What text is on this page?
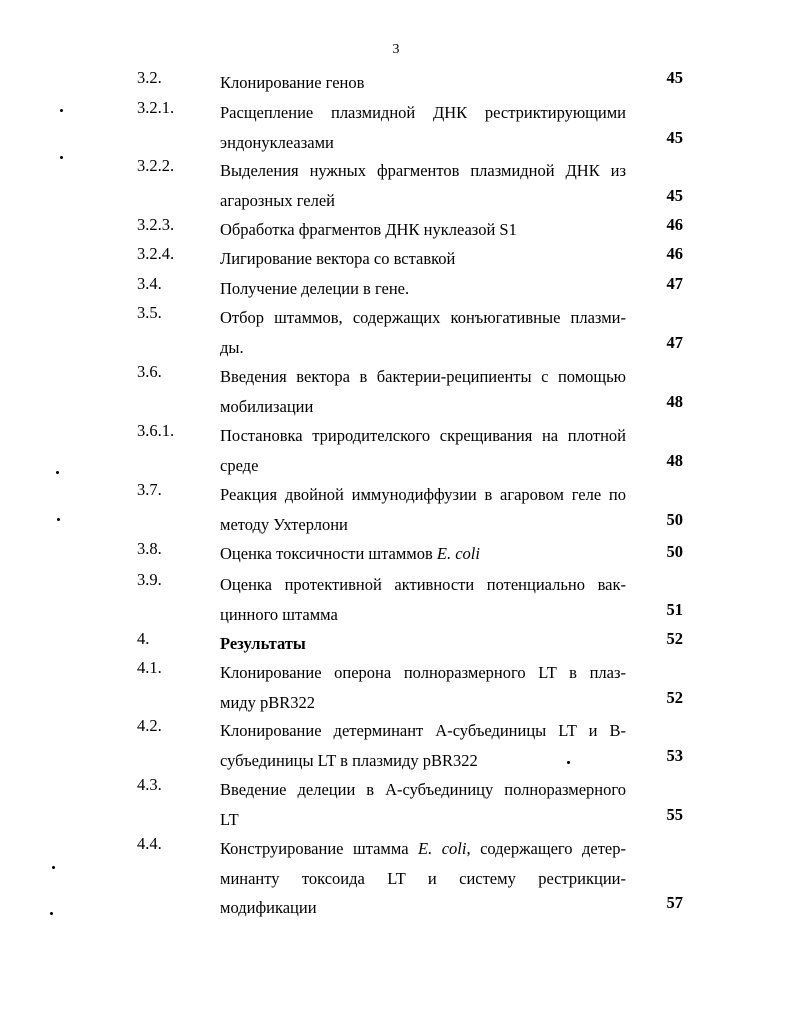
3
3.2.	Клонирование генов	45
3.2.1.	Расщепление плазмидной ДНК рестриктирующими
эндонуклеазами	45
3.2.2.	Выделения нужных фрагментов плазмидной ДНК из
агарозных гелей	45
3.2.3.	Обработка фрагментов ДНК нуклеазой S1	46
3.2.4.	Лигирование вектора со вставкой	46
3.4.	Получение делеции в гене.	47
3.5.	Отбор штаммов, содержащих конъюгативные плазми-
ды.	47
3.6.	Введения вектора в бактерии-реципиенты с помощью
мобилизации	48
3.6.1.	Постановка триродителского скрещивания на плотной
среде	48
3.7.	Реакция двойной иммунодиффузии в агаровом геле по
методу Ухтерлони	50
3.8.	Оценка токсичности штаммов E. coli	50
3.9.	Оценка протективной активности потенциально вак-
цинного штамма	51
4.	Результаты	52
4.1.	Клонирование оперона полноразмерного LT в плаз-
миду pBR322	52
4.2.	Клонирование детерминант А-субъединицы LT и В-
субъединицы LT в плазмиду pBR322	53
4.3.	Введение делеции в А-субъединицу полноразмерного
LT	55
4.4.	Конструирование штамма E. coli, содержащего детер-
минанту токсоида LT и систему рестрикции-
модификации	57
